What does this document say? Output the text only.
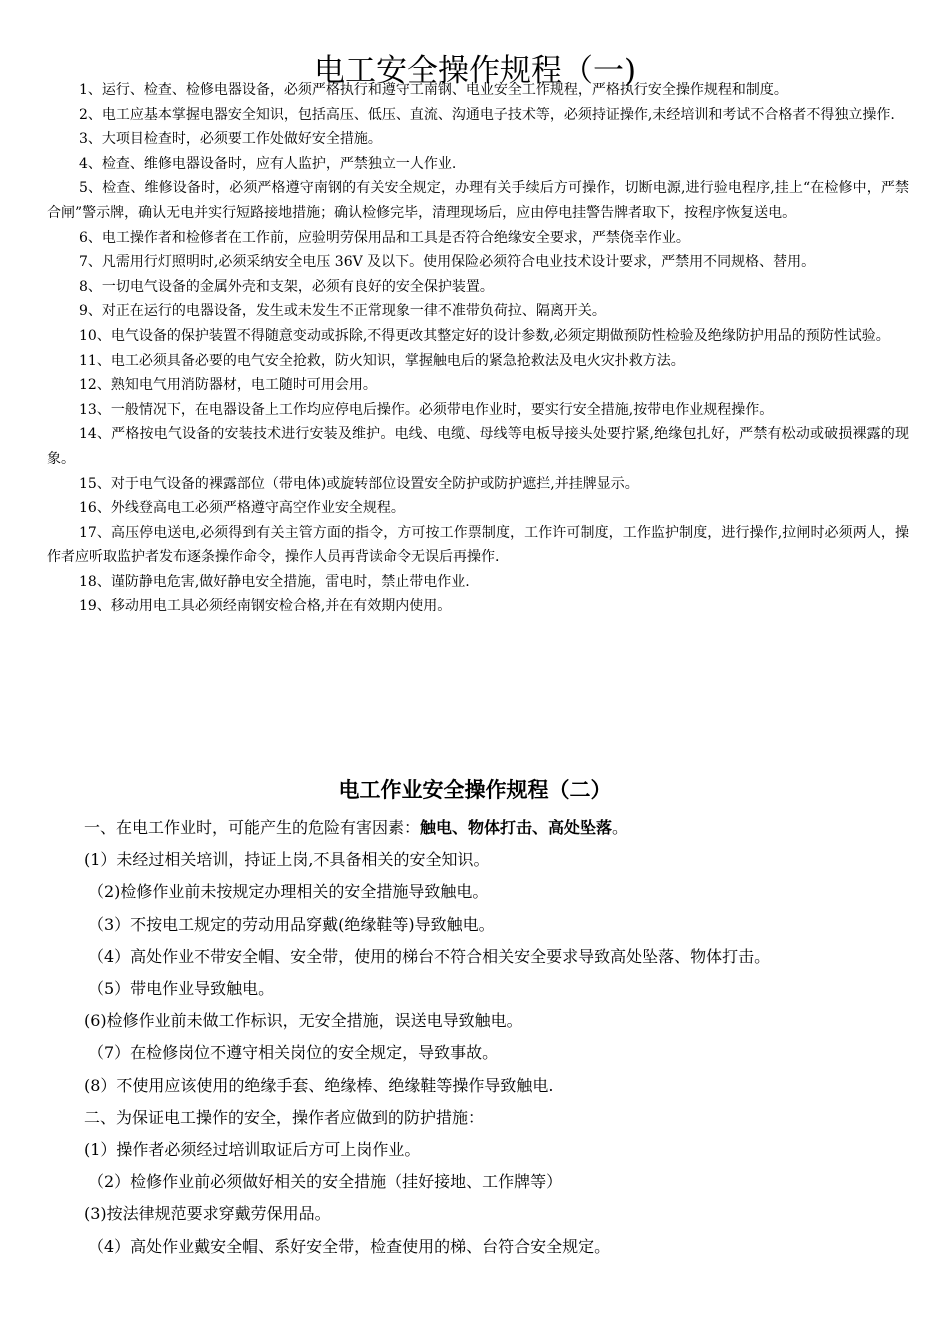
电工安全操作规程（一)

1、运行、检查、检修电器设备，必须严格执行和遵守工南钢、电业安全工作规程，严格执行安全操作规程和制度。

2、电工应基本掌握电器安全知识，包括高压、低压、直流、沟通电子技术等，必须持证操作,未经培训和考试不合格者不得独立操作.

3、大项目检查时，必须要工作处做好安全措施。

4、检查、维修电器设备时，应有人监护，严禁独立一人作业.

5、检查、维修设备时，必须严格遵守南钢的有关安全规定，办理有关手续后方可操作，切断电源,进行验电程序,挂上“在检修中，严禁合闸”警示牌，确认无电并实行短路接地措施；确认检修完毕，清理现场后，应由停电挂警告牌者取下，按程序恢复送电。

6、电工操作者和检修者在工作前，应验明劳保用品和工具是否符合绝缘安全要求，严禁侥幸作业。

7、凡需用行灯照明时,必须采纳安全电压 36V 及以下。使用保险必须符合电业技术设计要求，严禁用不同规格、替用。

8、一切电气设备的金属外壳和支架，必须有良好的安全保护装置。

9、对正在运行的电器设备，发生或未发生不正常现象一律不准带负荷拉、隔离开关。

10、电气设备的保护装置不得随意变动或拆除,不得更改其整定好的设计参数,必须定期做预防性检验及绝缘防护用品的预防性试验。

11、电工必须具备必要的电气安全抢救，防火知识，掌握触电后的紧急抢救法及电火灾扑救方法。

12、熟知电气用消防器材，电工随时可用会用。

13、一般情况下，在电器设备上工作均应停电后操作。必须带电作业时，要实行安全措施,按带电作业规程操作。

14、严格按电气设备的安装技术进行安装及维护。电线、电缆、母线等电板导接头处要拧紧,绝缘包扎好，严禁有松动或破损裸露的现象。

15、对于电气设备的裸露部位（带电体)或旋转部位设置安全防护或防护遮拦,并挂牌显示。

16、外线登高电工必须严格遵守高空作业安全规程。

17、高压停电送电,必须得到有关主管方面的指令，方可按工作票制度，工作许可制度，工作监护制度，进行操作,拉闸时必须两人，操作者应听取监护者发布逐条操作命令，操作人员再背读命令无误后再操作.

18、谨防静电危害,做好静电安全措施，雷电时，禁止带电作业.

19、移动用电工具必须经南钢安检合格,并在有效期内使用。

电工作业安全操作规程（二）

一、在电工作业时，可能产生的危险有害因素：触电、物体打击、高处坠落。

(1）未经过相关培训，持证上岗,不具备相关的安全知识。

（2)检修作业前未按规定办理相关的安全措施导致触电。

（3）不按电工规定的劳动用品穿戴(绝缘鞋等)导致触电。

（4）高处作业不带安全帽、安全带，使用的梯台不符合相关安全要求导致高处坠落、物体打击。

（5）带电作业导致触电。

(6)检修作业前未做工作标识，无安全措施，误送电导致触电。

（7）在检修岗位不遵守相关岗位的安全规定，导致事故。

(8）不使用应该使用的绝缘手套、绝缘棒、绝缘鞋等操作导致触电.

二、为保证电工操作的安全，操作者应做到的防护措施：

(1）操作者必须经过培训取证后方可上岗作业。

（2）检修作业前必须做好相关的安全措施（挂好接地、工作牌等）

(3)按法律规范要求穿戴劳保用品。

（4）高处作业戴安全帽、系好安全带，检查使用的梯、台符合安全规定。
